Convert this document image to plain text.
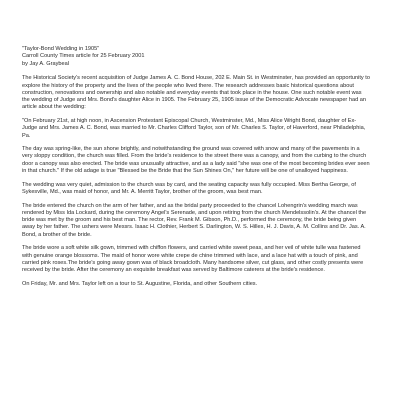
"Taylor-Bond Wedding in 1905"

Carroll County Times article for 25 February 2001

by Jay A. Graybeal

The Historical Society's recent acquisition of Judge James A. C. Bond House, 202 E. Main St. in Westminster, has provided an opportunity to explore the history of the property and the lives of the people who lived there. The research addresses basic historical questions about construction, renovations and ownership and also notable and everyday events that took place in the house. One such notable event was the wedding of Judge and Mrs. Bond's daughter Alice in 1905. The February 25, 1905 issue of the Democratic Advocate newspaper had an article about the wedding:

"On February 21st, at high noon, in Ascension Protestant Episcopal Church, Westminster, Md., Miss Alice Wright Bond, daughter of Ex-Judge and Mrs. James A. C. Bond, was married to Mr. Charles Clifford Taylor, son of Mr. Charles S. Taylor, of Haverford, near Philadelphia, Pa.

The day was spring-like, the sun shone brightly, and notwithstanding the ground was covered with snow and many of the pavements in a very sloppy condition, the church was filled. From the bride's residence to the street there was a canopy, and from the curbing to the church door a canopy was also erected. The bride was unusually attractive, and as a lady said "she was one of the most becoming brides ever seen in that church." If the old adage is true "Blessed be the Bride that the Sun Shines On," her future will be one of unalloyed happiness.

The wedding was very quiet, admission to the church was by card, and the seating capacity was fully occupied. Miss Bertha George, of Sykesville, Md., was maid of honor, and Mr. A. Merritt Taylor, brother of the groom, was best man.

The bride entered the church on the arm of her father, and as the bridal party proceeded to the chancel Lohengrin's wedding march was rendered by Miss Ida Lockard, during the ceremony Angel's Serenade, and upon retiring from the church Mendelssolin's. At the chancel the bride was met by the groom and his best man. The rector, Rev. Frank M. Gibson, Ph.D., performed the ceremony, the bride being given away by her father. The ushers were Messrs. Isaac H. Clothier, Herbert S. Darlington, W. S. Hilles, H. J. Davis, A. M. Collins and Dr. Jas. A. Bond, a brother of the bride.

The bride wore a soft white silk gown, trimmed with chiffon flowers, and carried white sweet peas, and her veil of white tulle was fastened with genuine orange blossoms. The maid of honor wore white crepe de chine trimmed with lace, and a lace hat with a touch of pink, and carried pink roses.The bride's going away gown was of black broadcloth. Many handsome silver, cut glass, and other costly presents were received by the bride. After the ceremony an exquisite breakfast was served by Baltimore caterers at the bride's residence.

On Friday, Mr. and Mrs. Taylor left on a tour to St. Augustine, Florida, and other Southern cities.
